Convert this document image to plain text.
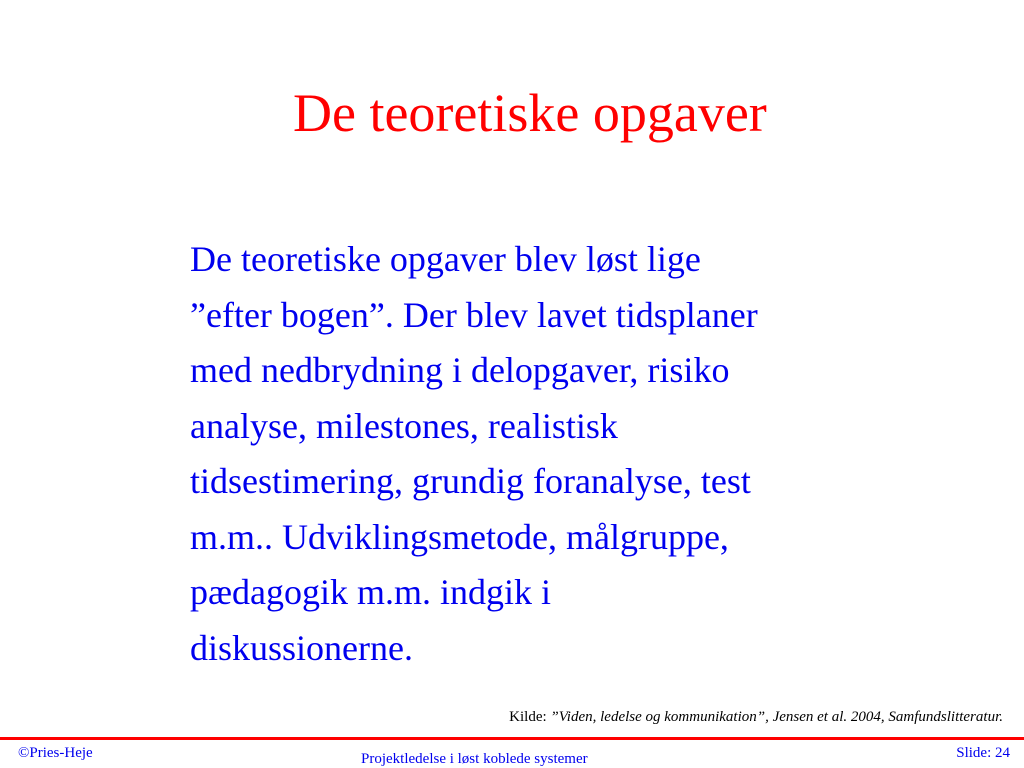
De teoretiske opgaver
De teoretiske opgaver blev løst lige
”efter bogen”. Der blev lavet tidsplaner
med nedbrydning i delopgaver, risiko
analyse, milestones, realistisk
tidsestimering, grundig foranalyse, test
m.m.. Udviklingsmetode, målgruppe,
pædagogik m.m. indgik i
diskussionerne.
Kilde: ”Viden, ledelse og kommunikation”, Jensen et al. 2004, Samfundslitteratur.
©Pries-Heje	Projektledelse i løst koblede systemer	Slide: 24
